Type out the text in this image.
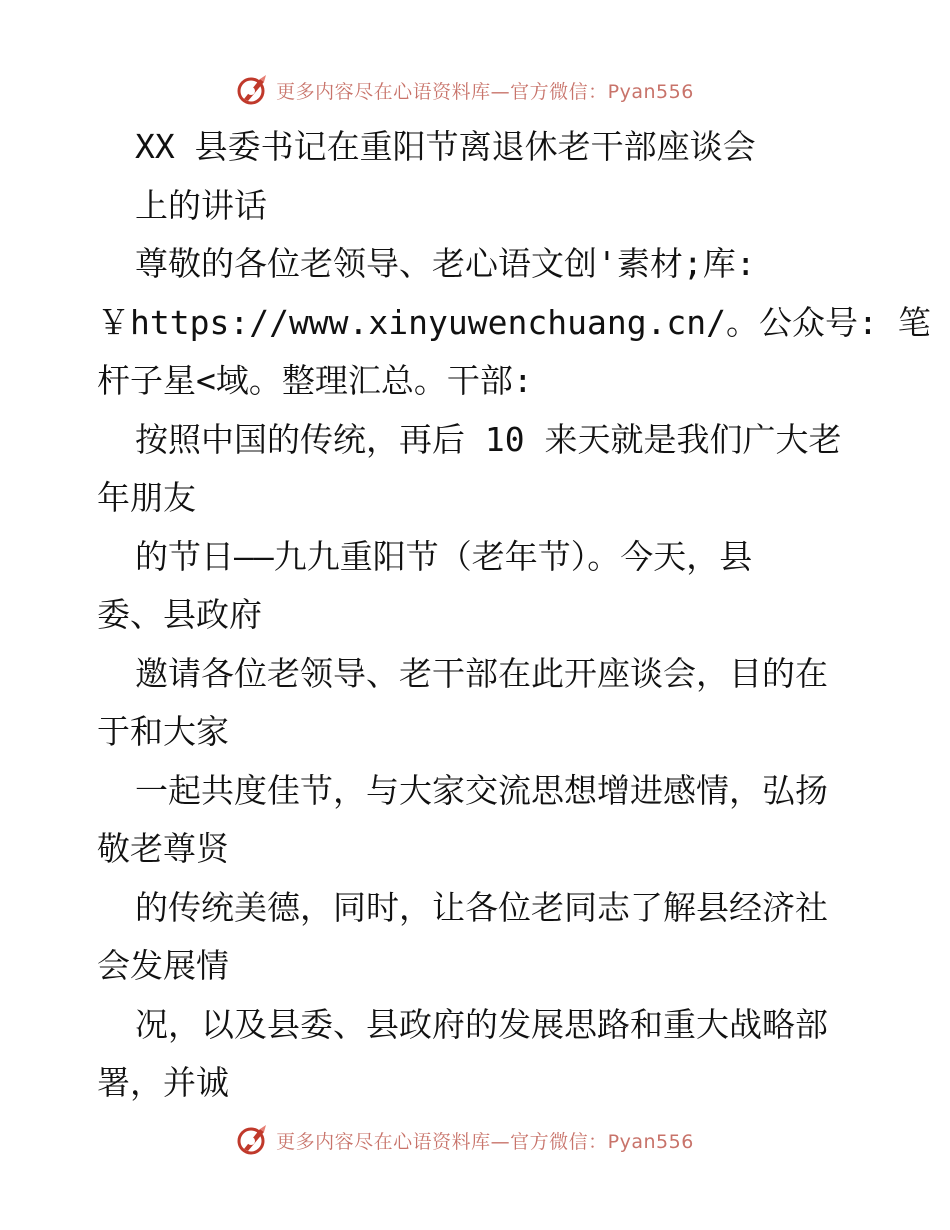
更多内容尽在心语资料库—官方微信：Pyan556
XX 县委书记在重阳节离退休老干部座谈会
上的讲话
尊敬的各位老领导、老心语文创'素材;库:
￥https://www.xinyuwenchuang.cn/。公众号: 笔
杆子星<域。整理汇总。干部:
按照中国的传统，再后 10 来天就是我们广大老
年朋友
的节日——九九重阳节（老年节）。今天，县
委、县政府
邀请各位老领导、老干部在此开座谈会，目的在
于和大家
一起共度佳节，与大家交流思想增进感情，弘扬
敬老尊贤
的传统美德，同时，让各位老同志了解县经济社
会发展情
况，以及县委、县政府的发展思路和重大战略部
署，并诚
更多内容尽在心语资料库—官方微信：Pyan556
